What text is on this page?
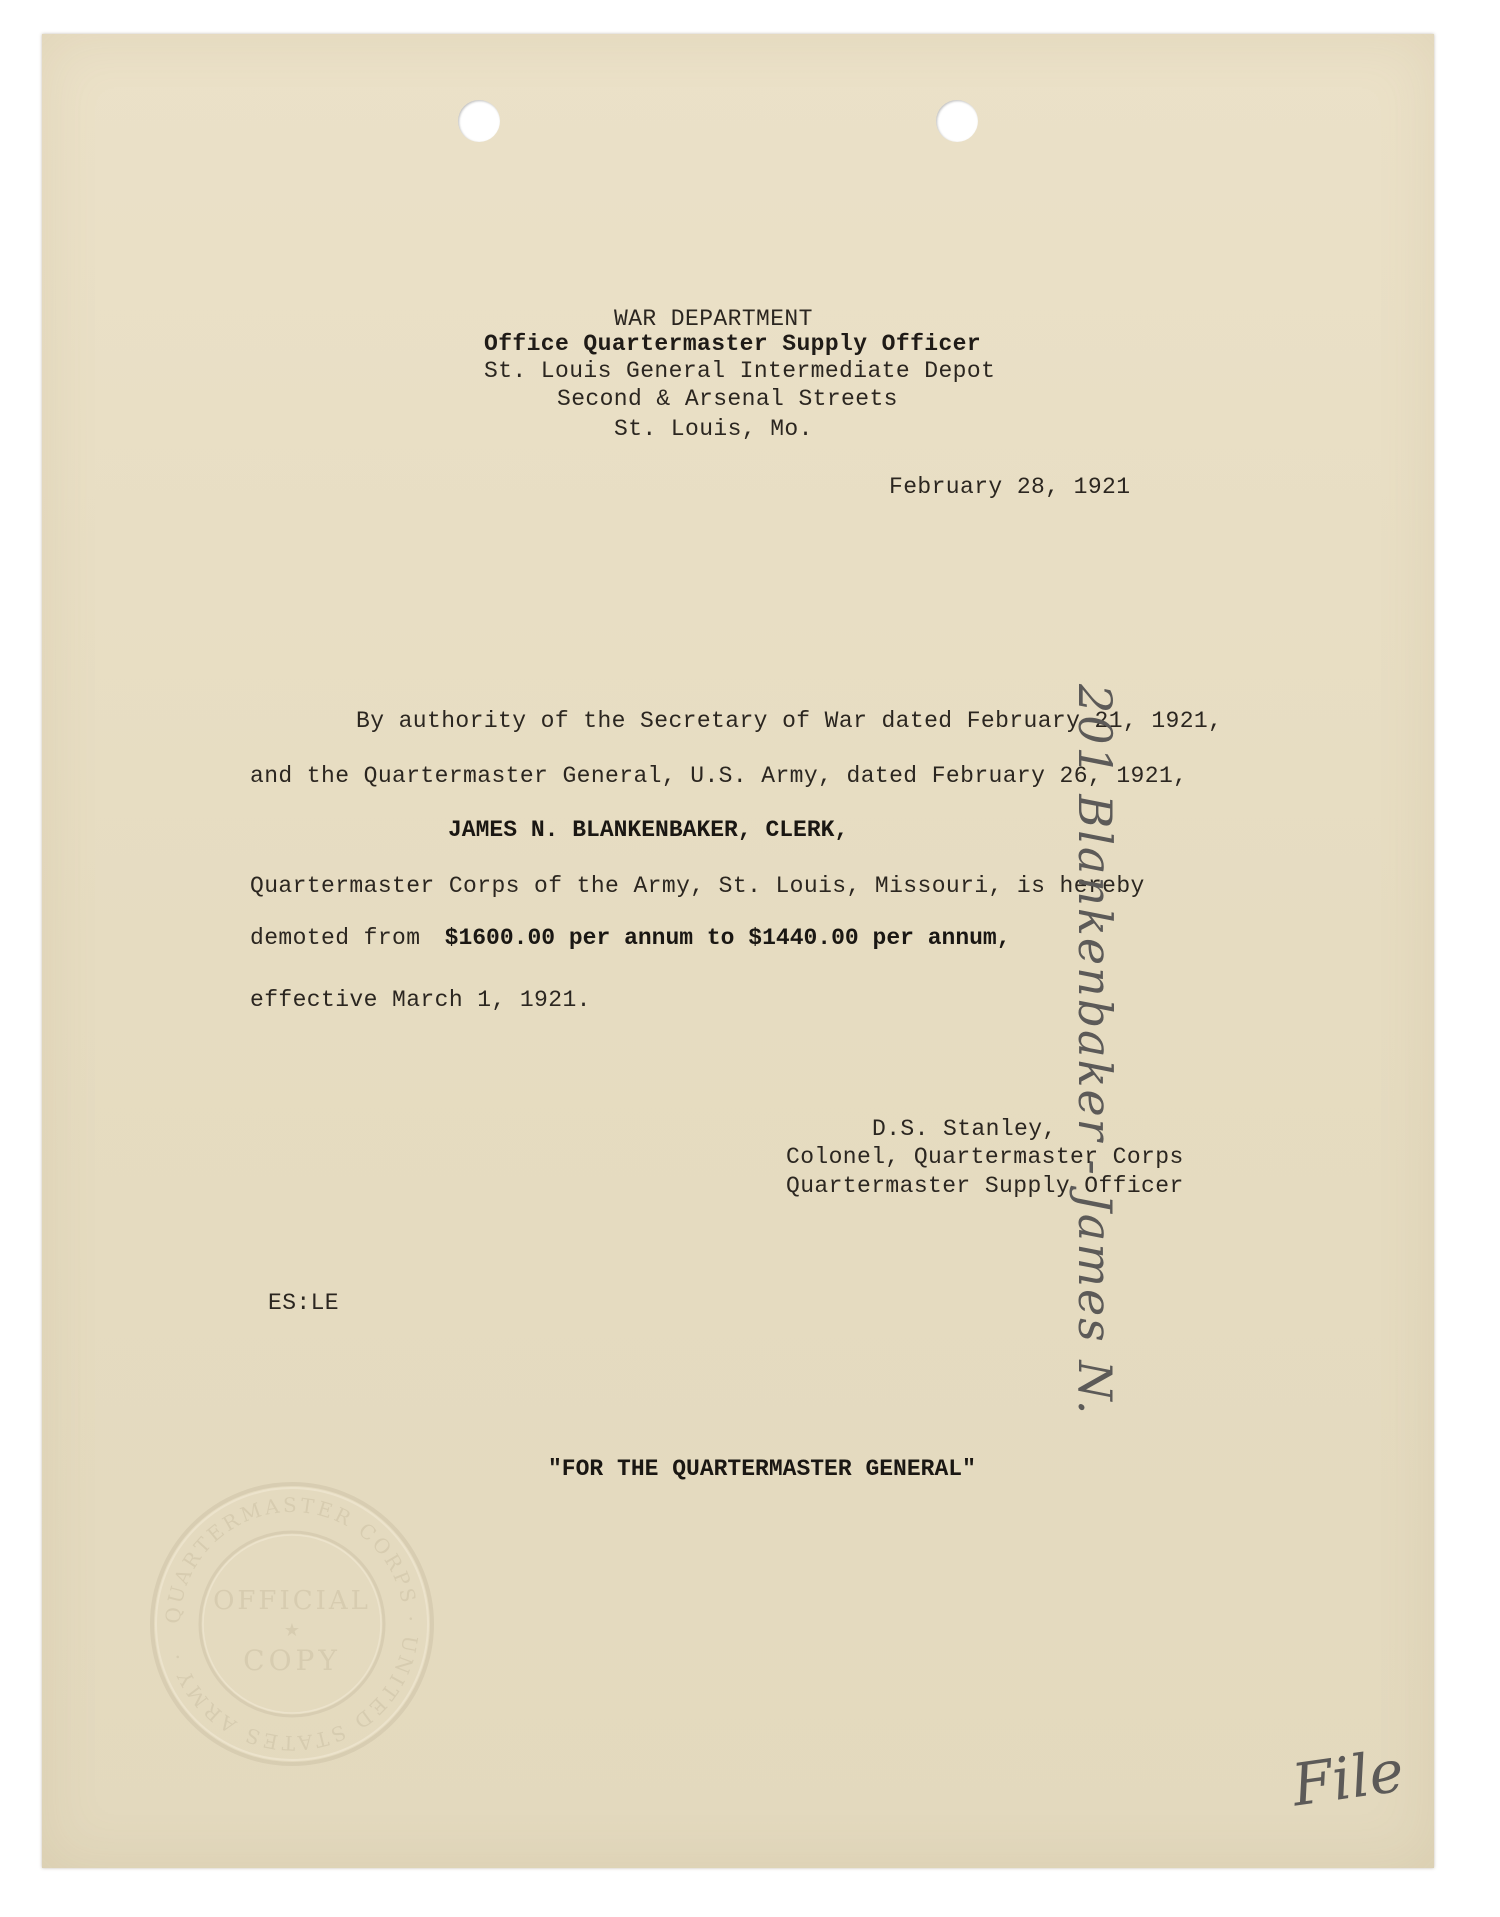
WAR DEPARTMENT
Office Quartermaster Supply Officer
St. Louis General Intermediate Depot
Second & Arsenal Streets
St. Louis, Mo.
February 28, 1921
By authority of the Secretary of War dated February 21, 1921,
and the Quartermaster General, U.S. Army, dated February 26, 1921,
JAMES N. BLANKENBAKER, CLERK,
Quartermaster Corps of the Army, St. Louis, Missouri, is hereby
demoted from $1600.00 per annum to $1440.00 per annum,
effective March 1, 1921.
D.S. Stanley,
Colonel, Quartermaster Corps
Quartermaster Supply Officer
ES:LE
"FOR THE QUARTERMASTER GENERAL"
201 Blankenbaker - James N.
File
QUARTERMASTER CORPS · UNITED STATES ARMY ·
OFFICIAL
★
COPY
